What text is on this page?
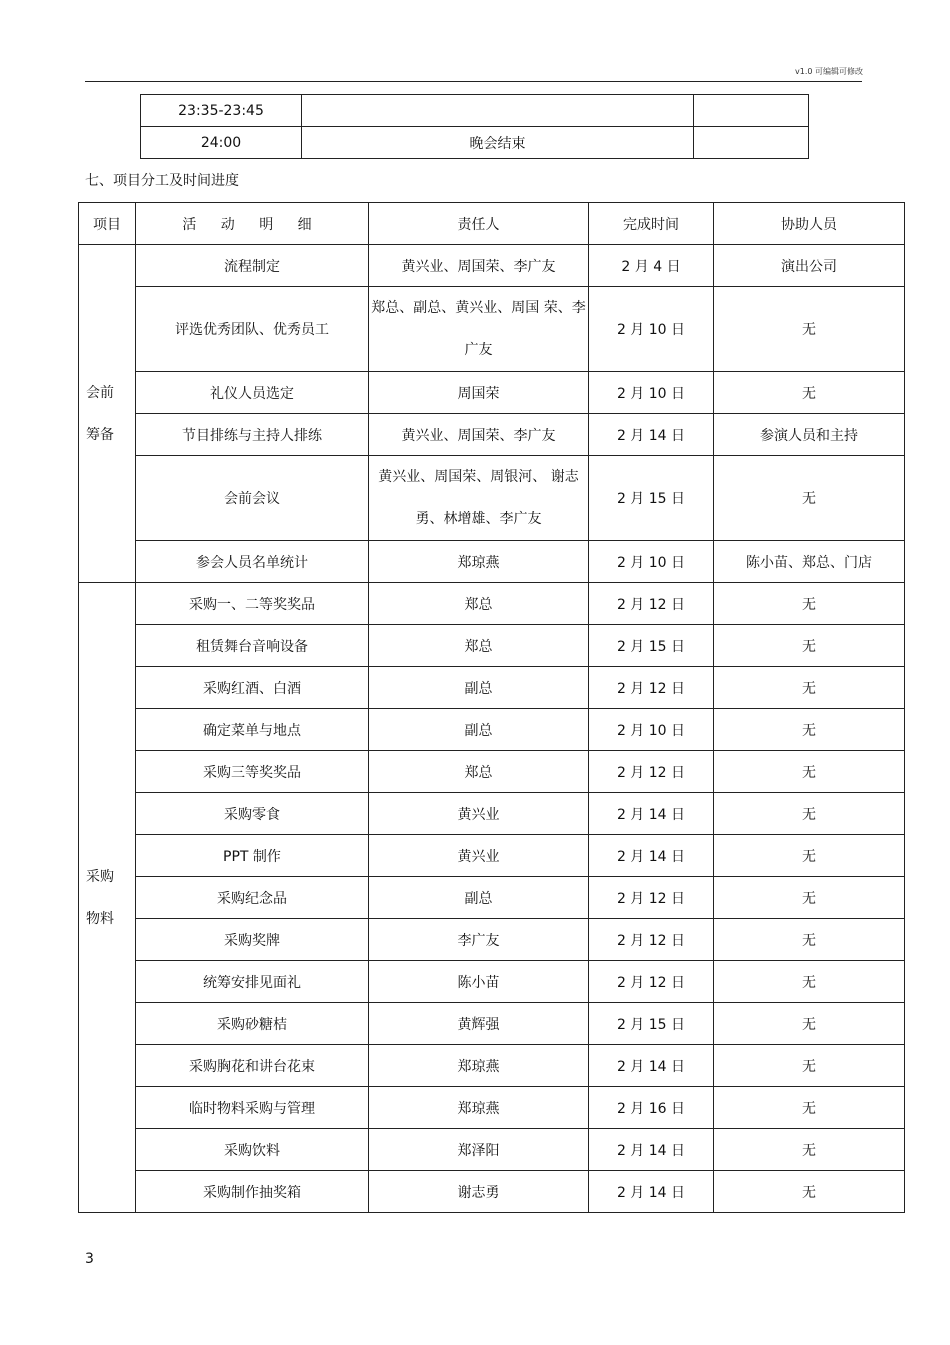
v1.0 可编辑可修改
23:35-23:45		
24:00	晚会结束	
七、项目分工及时间进度
项目	活 动 明 细	责任人	完成时间	协助人员

会前
筹备	流程制定	黄兴业、周国荣、李广友	2 月 4 日	演出公司
	评选优秀团队、优秀员工	郑总、副总、黄兴业、周国 荣、李广友	2 月 10 日	无
	礼仪人员选定	周国荣	2 月 10 日	无
	节目排练与主持人排练	黄兴业、周国荣、李广友	2 月 14 日	参演人员和主持
	会前会议	黄兴业、周国荣、周银河、 谢志勇、林增雄、李广友	2 月 15 日	无
	参会人员名单统计	郑琼燕	2 月 10 日	陈小苗、郑总、门店

采购
物料	采购一、二等奖奖品	郑总	2 月 12 日	无
	租赁舞台音响设备	郑总	2 月 15 日	无
	采购红酒、白酒	副总	2 月 12 日	无
	确定菜单与地点	副总	2 月 10 日	无
	采购三等奖奖品	郑总	2 月 12 日	无
	采购零食	黄兴业	2 月 14 日	无
	PPT 制作	黄兴业	2 月 14 日	无
	采购纪念品	副总	2 月 12 日	无
	采购奖牌	李广友	2 月 12 日	无
	统筹安排见面礼	陈小苗	2 月 12 日	无
	采购砂糖桔	黄辉强	2 月 15 日	无
	采购胸花和讲台花束	郑琼燕	2 月 14 日	无
	临时物料采购与管理	郑琼燕	2 月 16 日	无
	采购饮料	郑泽阳	2 月 14 日	无
	采购制作抽奖箱	谢志勇	2 月 14 日	无
3
